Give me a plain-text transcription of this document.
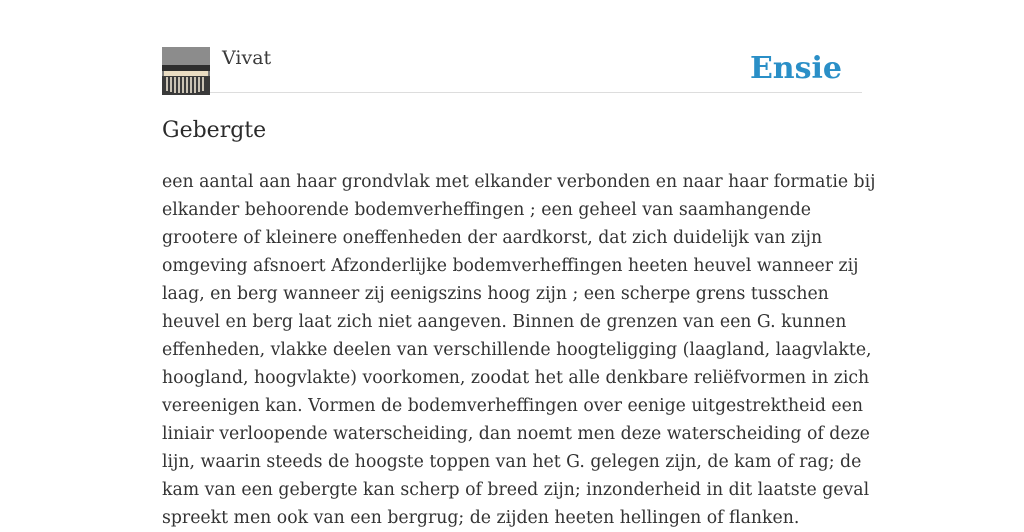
Vivat	Ensie
Gebergte
een aantal aan haar grondvlak met elkander verbonden en naar haar formatie bij
elkander behoorende bodemverheffingen ; een geheel van saamhangende
grootere of kleinere oneffenheden der aardkorst, dat zich duidelijk van zijn
omgeving afsnoert Afzonderlijke bodemverheffingen heeten heuvel wanneer zij
laag, en berg wanneer zij eenigszins hoog zijn ; een scherpe grens tusschen
heuvel en berg laat zich niet aangeven. Binnen de grenzen van een G. kunnen
effenheden, vlakke deelen van verschillende hoogteligging (laagland, laagvlakte,
hoogland, hoogvlakte) voorkomen, zoodat het alle denkbare reliëfvormen in zich
vereenigen kan. Vormen de bodemverheffingen over eenige uitgestrektheid een
liniair verloopende waterscheiding, dan noemt men deze waterscheiding of deze
lijn, waarin steeds de hoogste toppen van het G. gelegen zijn, de kam of rag; de
kam van een gebergte kan scherp of breed zijn; inzonderheid in dit laatste geval
spreekt men ook van een bergrug; de zijden heeten hellingen of flanken.
